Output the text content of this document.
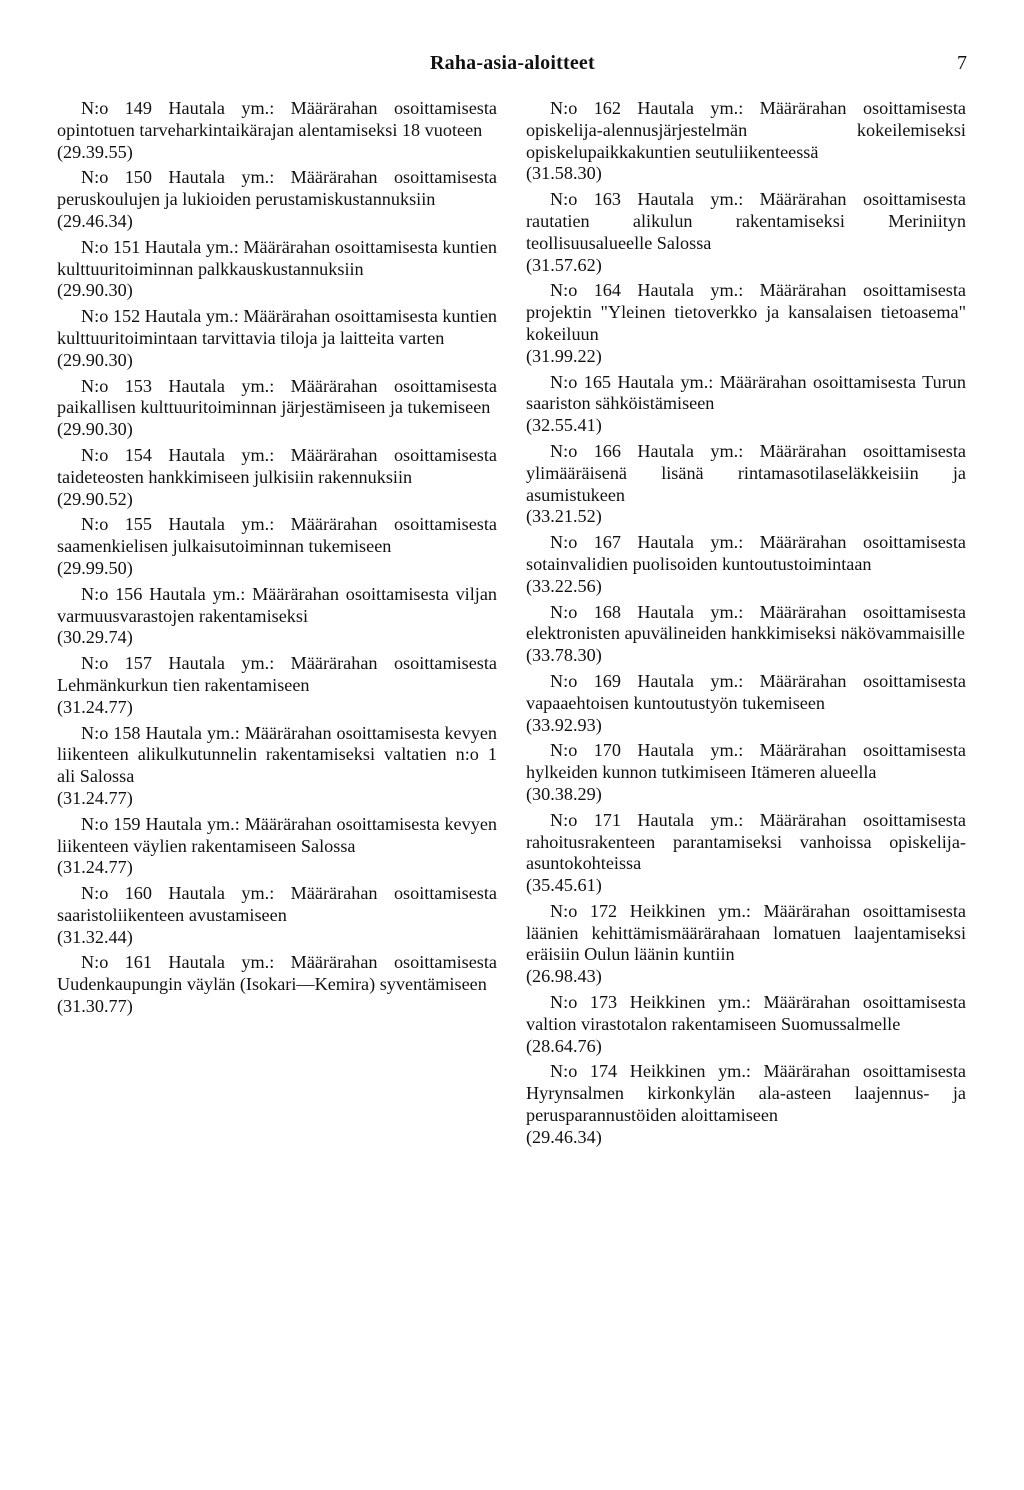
Raha-asia-aloitteet	7
N:o 149 Hautala ym.: Määrärahan osoittamisesta opintotuen tarveharkintaikärajan alentamiseksi 18 vuoteen
(29.39.55)
N:o 150 Hautala ym.: Määrärahan osoittamisesta peruskoulujen ja lukioiden perustamiskustannuksiin
(29.46.34)
N:o 151 Hautala ym.: Määrärahan osoittamisesta kuntien kulttuuritoiminnan palkkauskustannuksiin
(29.90.30)
N:o 152 Hautala ym.: Määrärahan osoittamisesta kuntien kulttuuritoimintaan tarvittavia tiloja ja laitteita varten
(29.90.30)
N:o 153 Hautala ym.: Määrärahan osoittamisesta paikallisen kulttuuritoiminnan järjestämiseen ja tukemiseen
(29.90.30)
N:o 154 Hautala ym.: Määrärahan osoittamisesta taideteosten hankkimiseen julkisiin rakennuksiin
(29.90.52)
N:o 155 Hautala ym.: Määrärahan osoittamisesta saamenkielisen julkaisutoiminnan tukemiseen
(29.99.50)
N:o 156 Hautala ym.: Määrärahan osoittamisesta viljan varmuusvarastojen rakentamiseksi
(30.29.74)
N:o 157 Hautala ym.: Määrärahan osoittamisesta Lehmänkurkun tien rakentamiseen
(31.24.77)
N:o 158 Hautala ym.: Määrärahan osoittamisesta kevyen liikenteen alikulkutunnelin rakentamiseksi valtatien n:o 1 ali Salossa
(31.24.77)
N:o 159 Hautala ym.: Määrärahan osoittamisesta kevyen liikenteen väylien rakentamiseen Salossa
(31.24.77)
N:o 160 Hautala ym.: Määrärahan osoittamisesta saaristoliikenteen avustamiseen
(31.32.44)
N:o 161 Hautala ym.: Määrärahan osoittamisesta Uudenkaupungin väylän (Isokari—Kemira) syventämiseen
(31.30.77)
N:o 162 Hautala ym.: Määrärahan osoittamisesta opiskelija-alennusjärjestelmän kokeilemiseksi opiskelupaikkakuntien seutuliikenteessä
(31.58.30)
N:o 163 Hautala ym.: Määrärahan osoittamisesta rautatien alikulun rakentamiseksi Meriniityn teollisuusalueelle Salossa
(31.57.62)
N:o 164 Hautala ym.: Määrärahan osoittamisesta projektin "Yleinen tietoverkko ja kansalaisen tietoasema" kokeiluun
(31.99.22)
N:o 165 Hautala ym.: Määrärahan osoittamisesta Turun saariston sähköistämiseen
(32.55.41)
N:o 166 Hautala ym.: Määrärahan osoittamisesta ylimääräisenä lisänä rintamasotilaseläkkeisiin ja asumistukeen
(33.21.52)
N:o 167 Hautala ym.: Määrärahan osoittamisesta sotainvalidien puolisoiden kuntoutustoimintaan
(33.22.56)
N:o 168 Hautala ym.: Määrärahan osoittamisesta elektronisten apuvälineiden hankkimiseksi näkövammaisille
(33.78.30)
N:o 169 Hautala ym.: Määrärahan osoittamisesta vapaaehtoisen kuntoutustyön tukemiseen
(33.92.93)
N:o 170 Hautala ym.: Määrärahan osoittamisesta hylkeiden kunnon tutkimiseen Itämeren alueella
(30.38.29)
N:o 171 Hautala ym.: Määrärahan osoittamisesta rahoitusrakenteen parantamiseksi vanhoissa opiskelija-asuntokohteissa
(35.45.61)
N:o 172 Heikkinen ym.: Määrärahan osoittamisesta läänien kehittämismäärärahaan lomatuen laajentamiseksi eräisiin Oulun läänin kuntiin
(26.98.43)
N:o 173 Heikkinen ym.: Määrärahan osoittamisesta valtion virastotalon rakentamiseen Suomussalmelle
(28.64.76)
N:o 174 Heikkinen ym.: Määrärahan osoittamisesta Hyrynsalmen kirkonkylän ala-asteen laajennus- ja perusparannustöiden aloittamiseen
(29.46.34)
